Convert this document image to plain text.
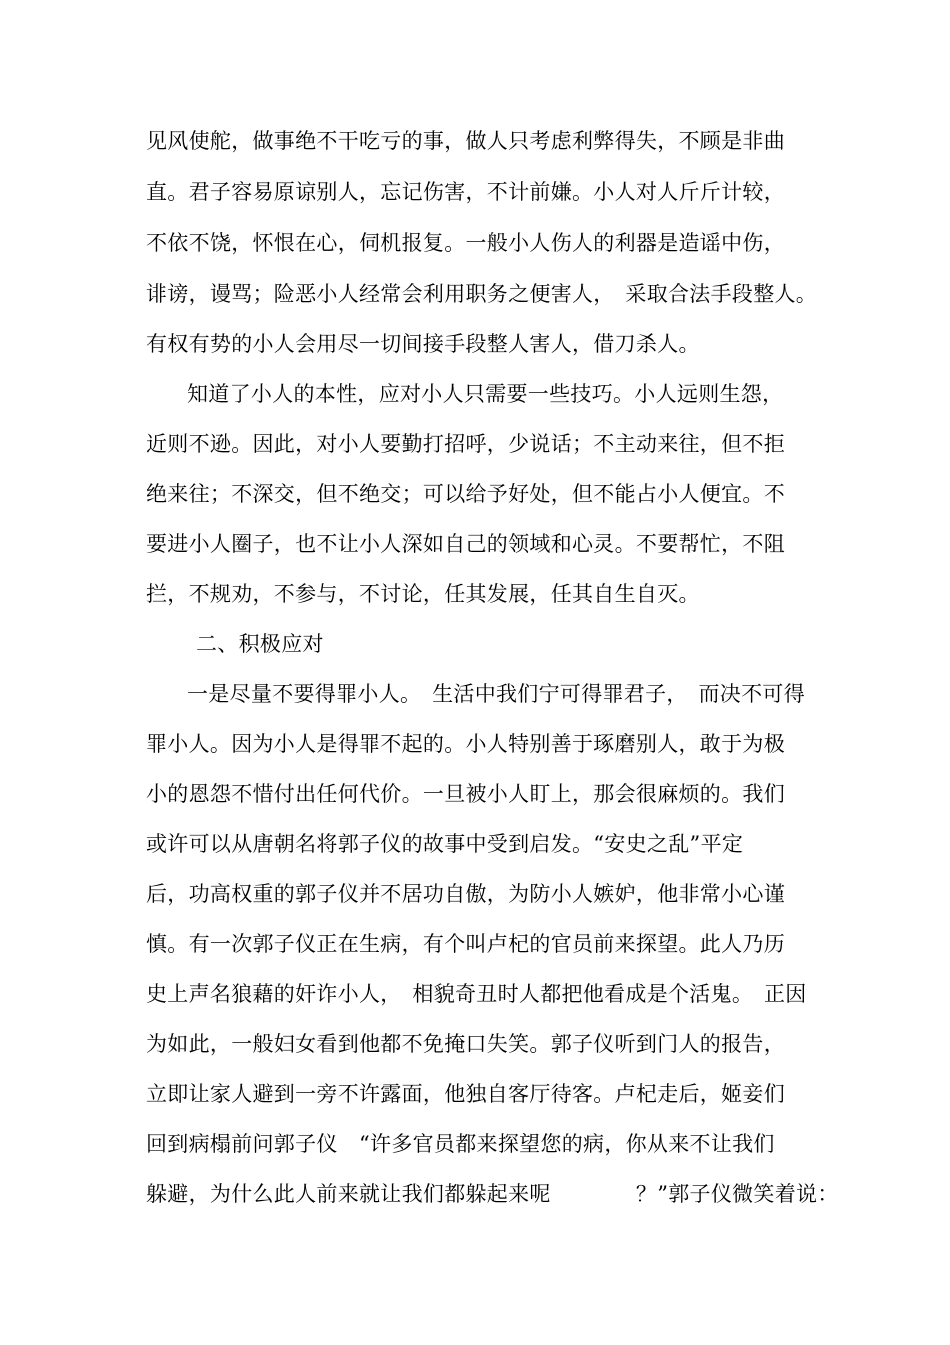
见风使舵，做事绝不干吃亏的事，做人只考虑利弊得失，不顾是非曲
直。君子容易原谅别人，忘记伤害，不计前嫌。小人对人斤斤计较，
不依不饶，怀恨在心，伺机报复。一般小人伤人的利器是造谣中伤，
诽谤，谩骂；险恶小人经常会利用职务之便害人，　采取合法手段整人。
有权有势的小人会用尽一切间接手段整人害人，借刀杀人。
知道了小人的本性，应对小人只需要一些技巧。小人远则生怨，
近则不逊。因此，对小人要勤打招呼，少说话；不主动来往，但不拒
绝来往；不深交，但不绝交；可以给予好处，但不能占小人便宜。不
要进小人圈子，也不让小人深如自己的领域和心灵。不要帮忙，不阻
拦，不规劝，不参与，不讨论，任其发展，任其自生自灭。
二、积极应对
一是尽量不要得罪小人。　生活中我们宁可得罪君子，　而决不可得
罪小人。因为小人是得罪不起的。小人特别善于琢磨别人，敢于为极
小的恩怨不惜付出任何代价。一旦被小人盯上，那会很麻烦的。我们
或许可以从唐朝名将郭子仪的故事中受到启发。“安史之乱”平定
后，功高权重的郭子仪并不居功自傲，为防小人嫉妒，他非常小心谨
慎。有一次郭子仪正在生病，有个叫卢杞的官员前来探望。此人乃历
史上声名狼藉的奸诈小人，　相貌奇丑时人都把他看成是个活鬼。　正因
为如此，一般妇女看到他都不免掩口失笑。郭子仪听到门人的报告，
立即让家人避到一旁不许露面，他独自客厅待客。卢杞走后，姬妾们
回到病榻前问郭子仪　“许多官员都来探望您的病，你从来不让我们
躲避，为什么此人前来就让我们都躲起来呢　　　　？”郭子仪微笑着说：
